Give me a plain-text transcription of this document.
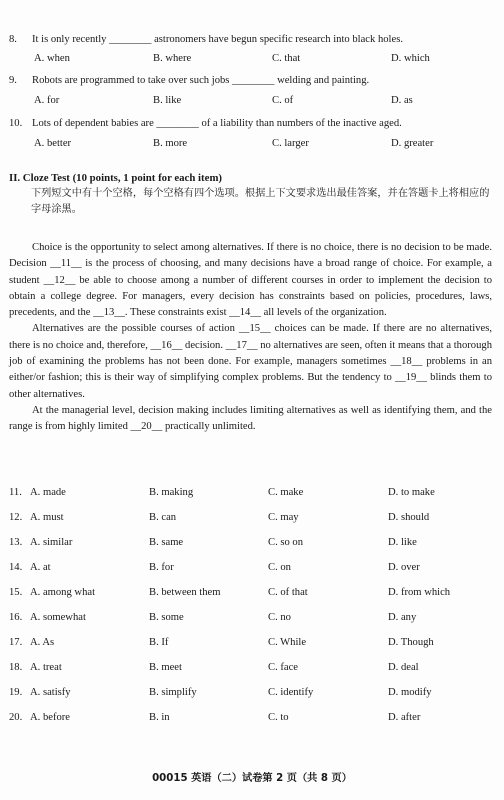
8. It is only recently ________ astronomers have begun specific research into black holes.
A. when	B. where	C. that	D. which
9. Robots are programmed to take over such jobs ________ welding and painting.
A. for	B. like	C. of	D. as
10. Lots of dependent babies are ________ of a liability than numbers of the inactive aged.
A. better	B. more	C. larger	D. greater
II. Cloze Test (10 points, 1 point for each item)
下列短文中有十个空格，每个空格有四个选项。根据上下文要求选出最佳答案，并在答题卡上将相应的字母涂黑。

Choice is the opportunity to select among alternatives. If there is no choice, there is no decision to be made. Decision __11__ is the process of choosing, and many decisions have a broad range of choice. For example, a student __12__ be able to choose among a number of different courses in order to implement the decision to obtain a college degree. For managers, every decision has constraints based on policies, procedures, laws, precedents, and the __13__. These constraints exist __14__ all levels of the organization.

Alternatives are the possible courses of action __15__ choices can be made. If there are no alternatives, there is no choice and, therefore, __16__ decision. __17__ no alternatives are seen, often it means that a thorough job of examining the problems has not been done. For example, managers sometimes __18__ problems in an either/or fashion; this is their way of simplifying complex problems. But the tendency to __19__ blinds them to other alternatives.

At the managerial level, decision making includes limiting alternatives as well as identifying them, and the range is from highly limited __20__ practically unlimited.

11. A. made	B. making	C. make	D. to make
12. A. must	B. can	C. may	D. should
13. A. similar	B. same	C. so on	D. like
14. A. at	B. for	C. on	D. over
15. A. among what	B. between them	C. of that	D. from which
16. A. somewhat	B. some	C. no	D. any
17. A. As	B. If	C. While	D. Though
18. A. treat	B. meet	C. face	D. deal
19. A. satisfy	B. simplify	C. identify	D. modify
20. A. before	B. in	C. to	D. after
00015 英语（二）试卷第 2 页（共 8 页）
